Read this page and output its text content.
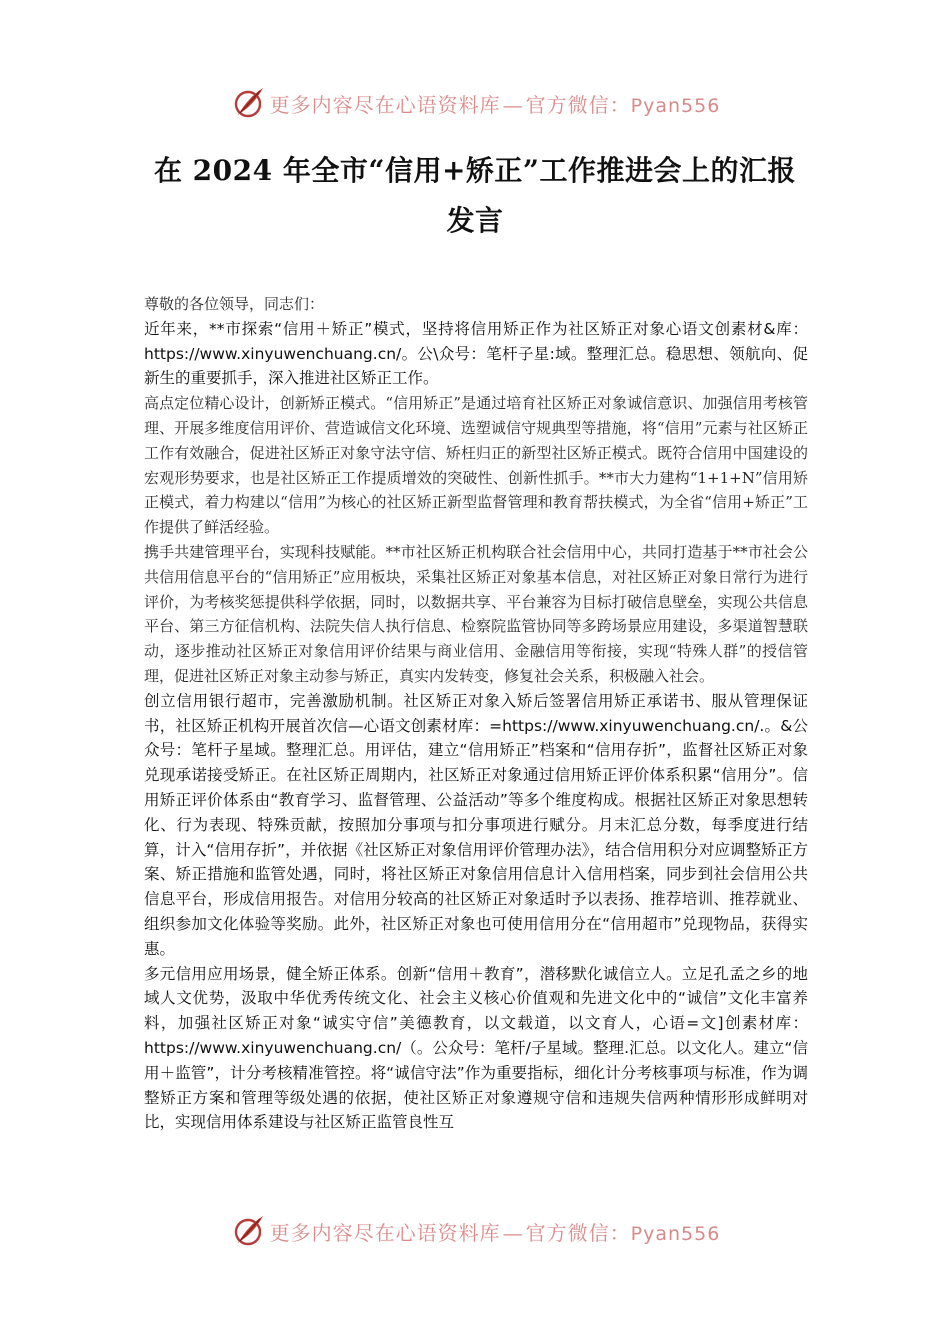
更多内容尽在心语资料库 — 官方微信：Pyan556
在 2024 年全市“信用+矫正”工作推进会上的汇报发言

尊敬的各位领导，同志们：

近年来，**市探索“信用＋矫正”模式，坚持将信用矫正作为社区矫正对象心语文创素材&库：https://www.xinyuwenchuang.cn/。公\众号：笔杆子星:域。整理汇总。稳思想、领航向、促新生的重要抓手，深入推进社区矫正工作。

高点定位精心设计，创新矫正模式。“信用矫正”是通过培育社区矫正对象诚信意识、加强信用考核管理、开展多维度信用评价、营造诚信文化环境、选塑诚信守规典型等措施，将“信用”元素与社区矫正工作有效融合，促进社区矫正对象守法守信、矫枉归正的新型社区矫正模式。既符合信用中国建设的宏观形势要求，也是社区矫正工作提质增效的突破性、创新性抓手。**市大力建构“1+1+N”信用矫正模式，着力构建以“信用”为核心的社区矫正新型监督管理和教育帮扶模式，为全省“信用+矫正”工作提供了鲜活经验。

携手共建管理平台，实现科技赋能。**市社区矫正机构联合社会信用中心，共同打造基于**市社会公共信用信息平台的“信用矫正”应用板块，采集社区矫正对象基本信息，对社区矫正对象日常行为进行评价，为考核奖惩提供科学依据，同时，以数据共享、平台兼容为目标打破信息壁垒，实现公共信息平台、第三方征信机构、法院失信人执行信息、检察院监管协同等多跨场景应用建设，多渠道智慧联动，逐步推动社区矫正对象信用评价结果与商业信用、金融信用等衔接，实现“特殊人群”的授信管理，促进社区矫正对象主动参与矫正，真实内发转变，修复社会关系，积极融入社会。

创立信用银行超市，完善激励机制。社区矫正对象入矫后签署信用矫正承诺书、服从管理保证书，社区矫正机构开展首次信—心语文创素材库：=https://www.xinyuwenchuang.cn/.。&公众号：笔杆子星域。整理汇总。用评估，建立“信用矫正”档案和“信用存折”，监督社区矫正对象兑现承诺接受矫正。在社区矫正周期内，社区矫正对象通过信用矫正评价体系积累“信用分”。信用矫正评价体系由“教育学习、监督管理、公益活动”等多个维度构成。根据社区矫正对象思想转化、行为表现、特殊贡献，按照加分事项与扣分事项进行赋分。月末汇总分数，每季度进行结算，计入“信用存折”，并依据《社区矫正对象信用评价管理办法》，结合信用积分对应调整矫正方案、矫正措施和监管处遇，同时，将社区矫正对象信用信息计入信用档案，同步到社会信用公共信息平台，形成信用报告。对信用分较高的社区矫正对象适时予以表扬、推荐培训、推荐就业、组织参加文化体验等奖励。此外，社区矫正对象也可使用信用分在“信用超市”兑现物品，获得实惠。

多元信用应用场景，健全矫正体系。创新“信用＋教育”，潜移默化诚信立人。立足孔孟之乡的地域人文优势，汲取中华优秀传统文化、社会主义核心价值观和先进文化中的“诚信”文化丰富养料，加强社区矫正对象“诚实守信”美德教育，以文载道，以文育人，心语=文]创素材库：https://www.xinyuwenchuang.cn/（。公众号：笔杆/子星域。整理.汇总。以文化人。建立“信用＋监管”，计分考核精准管控。将“诚信守法”作为重要指标，细化计分考核事项与标准，作为调整矫正方案和管理等级处遇的依据，使社区矫正对象遵规守信和违规失信两种情形形成鲜明对比，实现信用体系建设与社区矫正监管良性互

更多内容尽在心语资料库 — 官方微信：Pyan556
